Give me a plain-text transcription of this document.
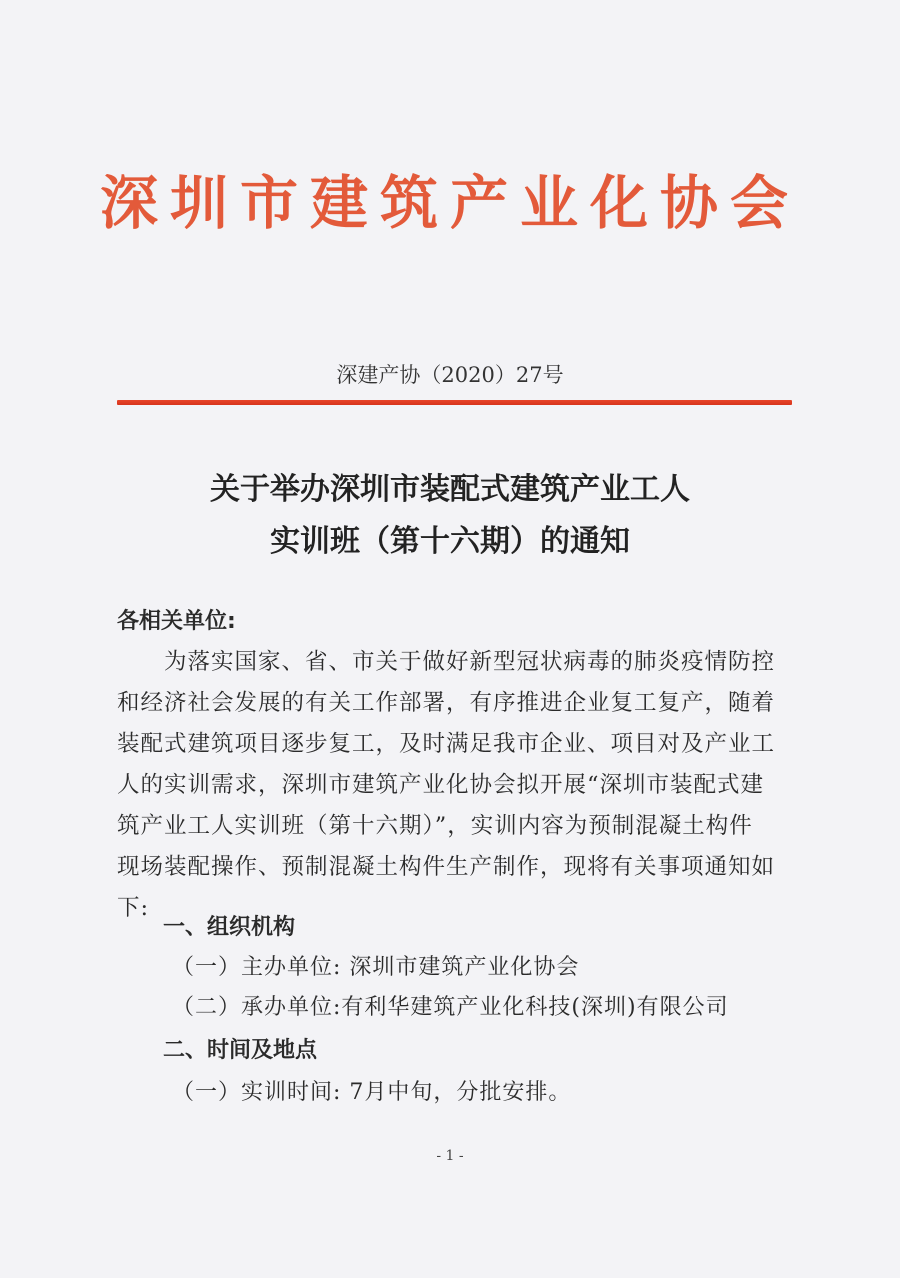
深圳市建筑产业化协会
深建产协（2020）27号
关于举办深圳市装配式建筑产业工人
实训班（第十六期）的通知
各相关单位:
　　为落实国家、省、市关于做好新型冠状病毒的肺炎疫情防控
和经济社会发展的有关工作部署，有序推进企业复工复产，随着
装配式建筑项目逐步复工，及时满足我市企业、项目对及产业工
人的实训需求，深圳市建筑产业化协会拟开展“深圳市装配式建
筑产业工人实训班（第十六期）”，实训内容为预制混凝土构件
现场装配操作、预制混凝土构件生产制作，现将有关事项通知如
下:
一、组织机构
（一）主办单位: 深圳市建筑产业化协会
（二）承办单位:有利华建筑产业化科技(深圳)有限公司
二、时间及地点
（一）实训时间: 7月中旬，分批安排。
- 1 -
